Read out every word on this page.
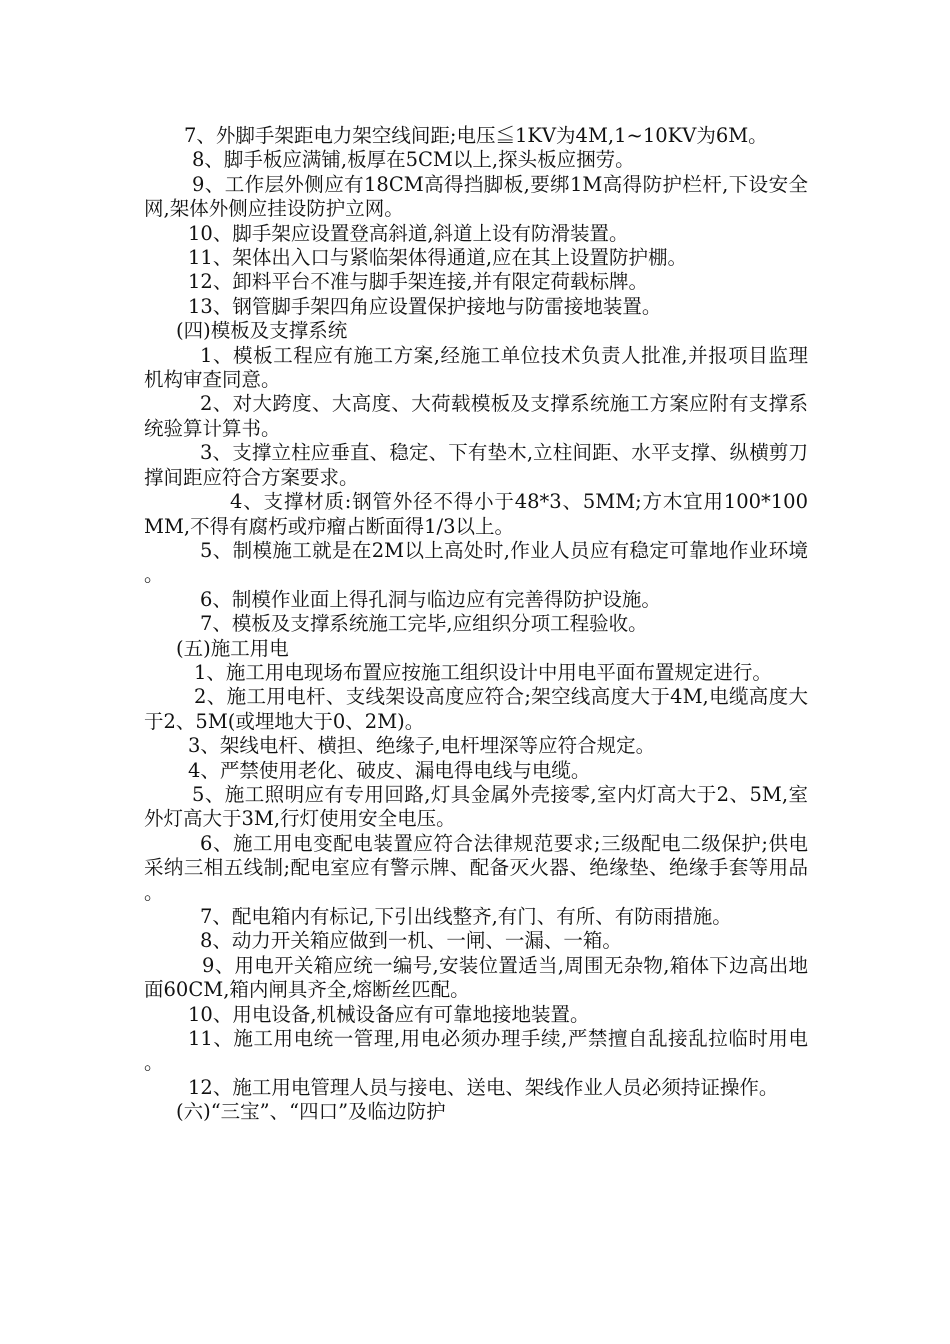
7、外脚手架距电力架空线间距;电压≦1KV为4M,1~10KV为6M。

8、脚手板应满铺,板厚在5CM以上,探头板应捆劳。

9、工作层外侧应有18CM高得挡脚板,要绑1M高得防护栏杆,下设安全网,架体外侧应挂设防护立网。

10、脚手架应设置登高斜道,斜道上设有防滑装置。

11、架体出入口与紧临架体得通道,应在其上设置防护棚。

12、卸料平台不准与脚手架连接,并有限定荷载标牌。

13、钢管脚手架四角应设置保护接地与防雷接地装置。

(四)模板及支撑系统

1、模板工程应有施工方案,经施工单位技术负责人批准,并报项目监理机构审查同意。

2、对大跨度、大高度、大荷载模板及支撑系统施工方案应附有支撑系统验算计算书。

3、支撑立柱应垂直、稳定、下有垫木,立柱间距、水平支撑、纵横剪刀撑间距应符合方案要求。

4、支撑材质:钢管外径不得小于48*3、5MM;方木宜用100*100MM,不得有腐朽或疖瘤占断面得1/3以上。

5、制模施工就是在2M以上高处时,作业人员应有稳定可靠地作业环境。

6、制模作业面上得孔洞与临边应有完善得防护设施。

7、模板及支撑系统施工完毕,应组织分项工程验收。

(五)施工用电

1、施工用电现场布置应按施工组织设计中用电平面布置规定进行。

2、施工用电杆、支线架设高度应符合;架空线高度大于4M,电缆高度大于2、5M(或埋地大于0、2M)。

3、架线电杆、横担、绝缘子,电杆埋深等应符合规定。

4、严禁使用老化、破皮、漏电得电线与电缆。

5、施工照明应有专用回路,灯具金属外壳接零,室内灯高大于2、5M,室外灯高大于3M,行灯使用安全电压。

6、施工用电变配电装置应符合法律规范要求;三级配电二级保护;供电采纳三相五线制;配电室应有警示牌、配备灭火器、绝缘垫、绝缘手套等用品。

7、配电箱内有标记,下引出线整齐,有门、有所、有防雨措施。

8、动力开关箱应做到一机、一闸、一漏、一箱。

9、用电开关箱应统一编号,安装位置适当,周围无杂物,箱体下边高出地面60CM,箱内闸具齐全,熔断丝匹配。

10、用电设备,机械设备应有可靠地接地装置。

11、施工用电统一管理,用电必须办理手续,严禁擅自乱接乱拉临时用电。

12、施工用电管理人员与接电、送电、架线作业人员必须持证操作。

(六)“三宝”、“四口”及临边防护
